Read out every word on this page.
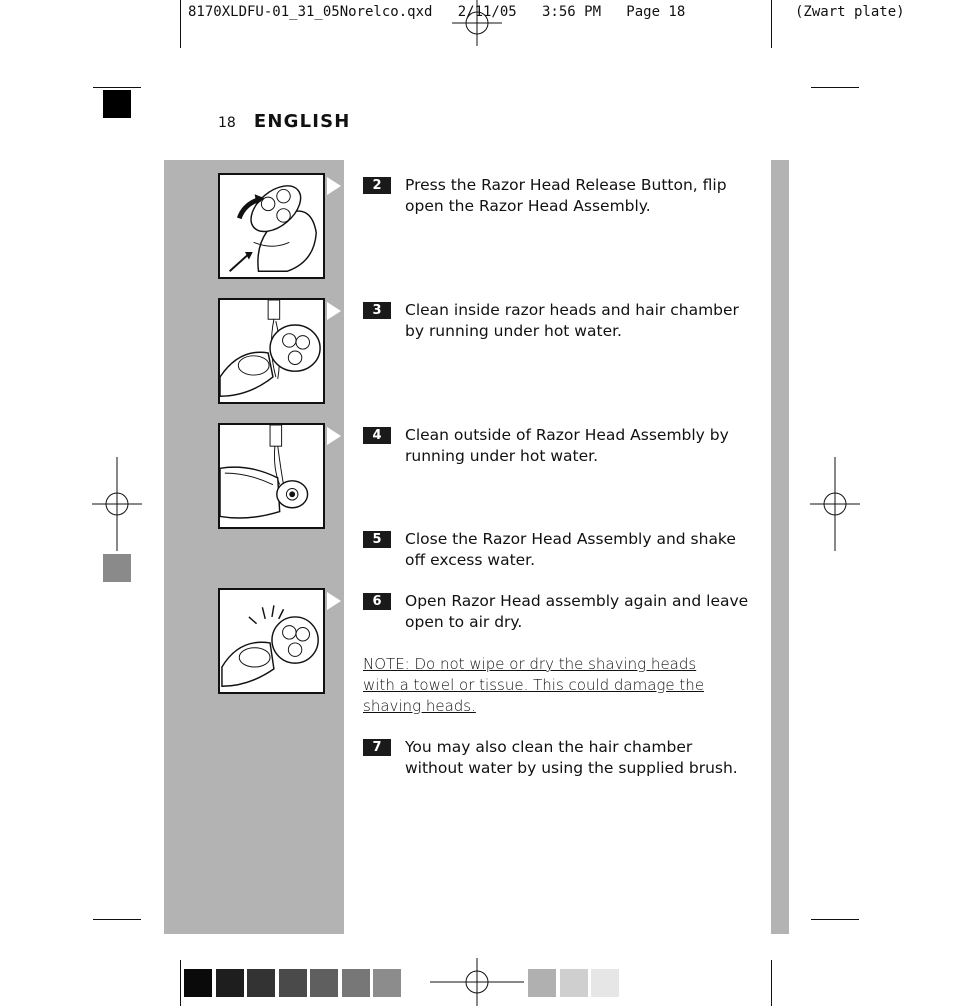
8170XLDFU-01_31_05Norelco.qxd   2/11/05   3:56 PM   Page 18	(Zwart plate)
18 ENGLISH
2	Press the Razor Head Release Button, flip open the Razor Head Assembly.
3	Clean inside razor heads and hair chamber by running under hot water.
4	Clean outside of Razor Head Assembly by running under hot water.
5	Close the Razor Head Assembly and shake off excess water.
6	Open Razor Head assembly again and leave open to air dry.
NOTE: Do not wipe or dry the shaving heads with a towel or tissue. This could damage the shaving heads.
7	You may also clean the hair chamber without water by using the supplied brush.
